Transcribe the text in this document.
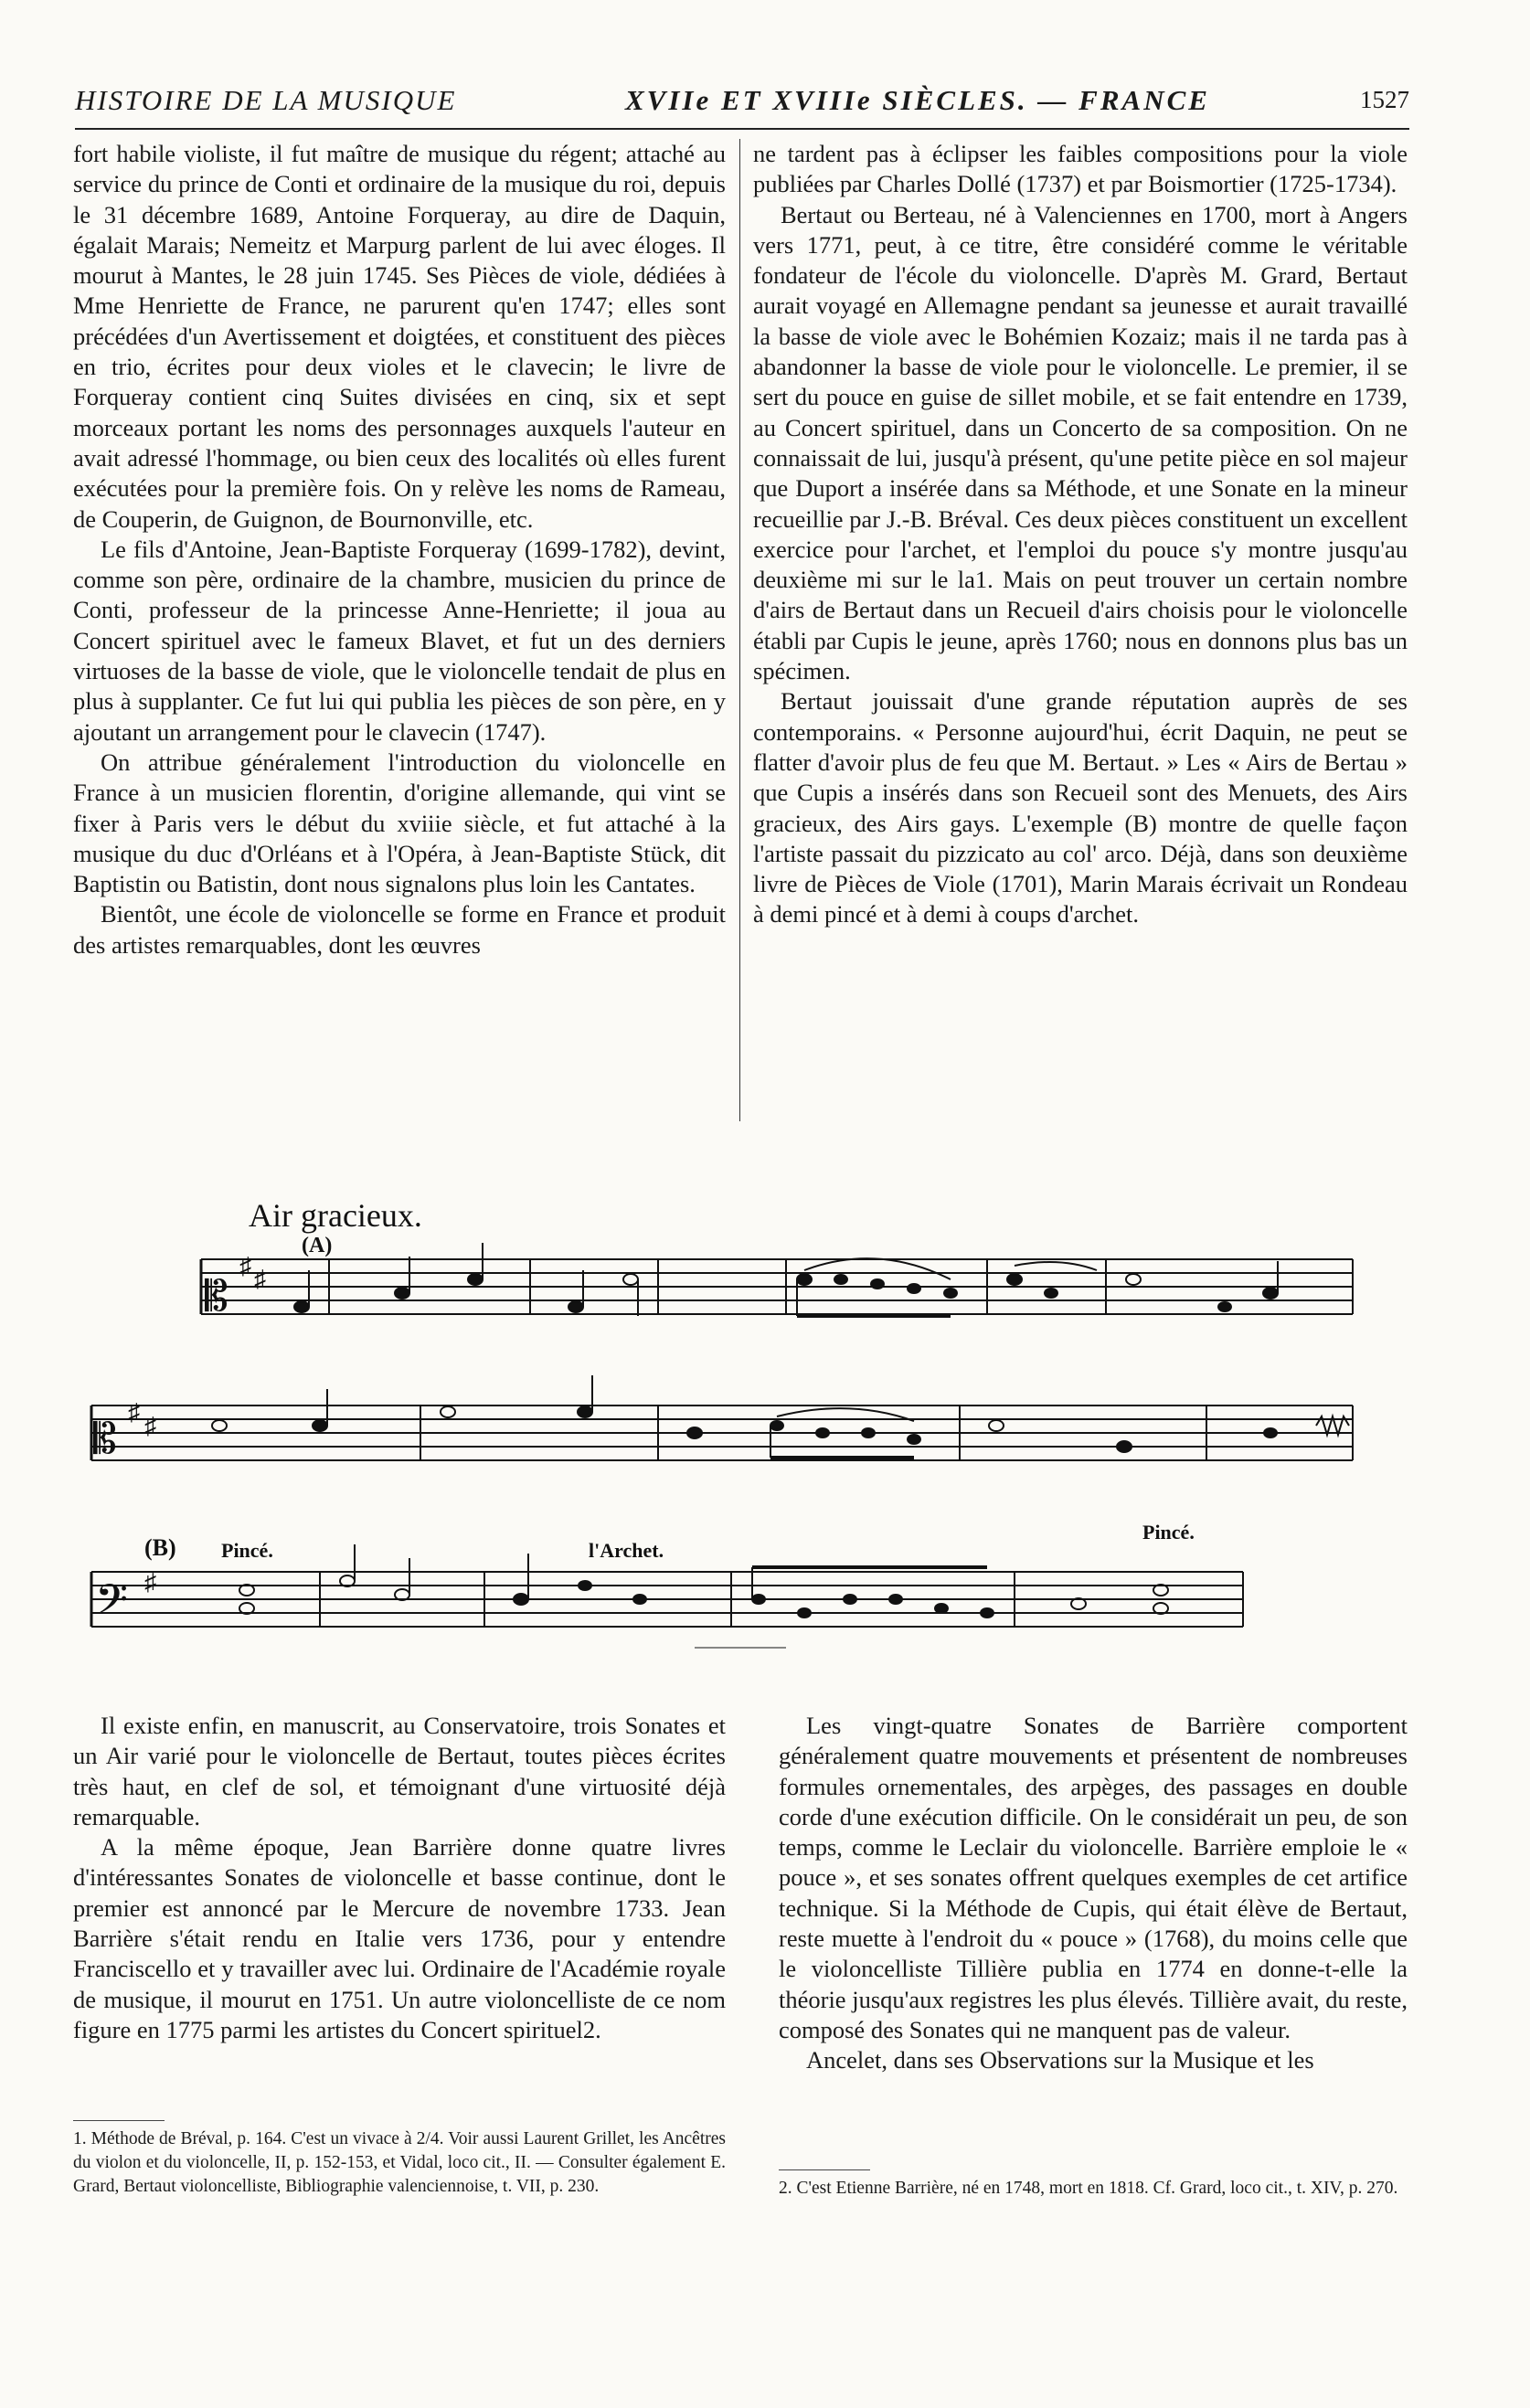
HISTOIRE DE LA MUSIQUE	XVIIe ET XVIIIe SIÈCLES. — FRANCE	1527

fort habile violiste, il fut maître de musique du régent; attaché au service du prince de Conti et ordinaire de la musique du roi, depuis le 31 décembre 1689, Antoine Forqueray, au dire de Daquin, égalait Marais; Nemeitz et Marpurg parlent de lui avec éloges. Il mourut à Mantes, le 28 juin 1745. Ses Pièces de viole, dédiées à Mme Henriette de France, ne parurent qu'en 1747; elles sont précédées d'un Avertissement et doigtées, et constituent des pièces en trio, écrites pour deux violes et le clavecin; le livre de Forqueray contient cinq Suites divisées en cinq, six et sept morceaux portant les noms des personnages auxquels l'auteur en avait adressé l'hommage, ou bien ceux des localités où elles furent exécutées pour la première fois. On y relève les noms de Rameau, de Couperin, de Guignon, de Bournonville, etc.

Le fils d'Antoine, Jean-Baptiste Forqueray (1699-1782), devint, comme son père, ordinaire de la chambre, musicien du prince de Conti, professeur de la princesse Anne-Henriette; il joua au Concert spirituel avec le fameux Blavet, et fut un des derniers virtuoses de la basse de viole, que le violoncelle tendait de plus en plus à supplanter. Ce fut lui qui publia les pièces de son père, en y ajoutant un arrangement pour le clavecin (1747).

On attribue généralement l'introduction du violoncelle en France à un musicien florentin, d'origine allemande, qui vint se fixer à Paris vers le début du xviiie siècle, et fut attaché à la musique du duc d'Orléans et à l'Opéra, à Jean-Baptiste Stück, dit Baptistin ou Batistin, dont nous signalons plus loin les Cantates.

Bientôt, une école de violoncelle se forme en France et produit des artistes remarquables, dont les œuvres

ne tardent pas à éclipser les faibles compositions pour la viole publiées par Charles Dollé (1737) et par Boismortier (1725-1734).

Bertaut ou Berteau, né à Valenciennes en 1700, mort à Angers vers 1771, peut, à ce titre, être considéré comme le véritable fondateur de l'école du violoncelle. D'après M. Grard, Bertaut aurait voyagé en Allemagne pendant sa jeunesse et aurait travaillé la basse de viole avec le Bohémien Kozaiz; mais il ne tarda pas à abandonner la basse de viole pour le violoncelle. Le premier, il se sert du pouce en guise de sillet mobile, et se fait entendre en 1739, au Concert spirituel, dans un Concerto de sa composition. On ne connaissait de lui, jusqu'à présent, qu'une petite pièce en sol majeur que Duport a insérée dans sa Méthode, et une Sonate en la mineur recueillie par J.-B. Bréval. Ces deux pièces constituent un excellent exercice pour l'archet, et l'emploi du pouce s'y montre jusqu'au deuxième mi sur le la1. Mais on peut trouver un certain nombre d'airs de Bertaut dans un Recueil d'airs choisis pour le violoncelle établi par Cupis le jeune, après 1760; nous en donnons plus bas un spécimen.

Bertaut jouissait d'une grande réputation auprès de ses contemporains. « Personne aujourd'hui, écrit Daquin, ne peut se flatter d'avoir plus de feu que M. Bertaut. » Les « Airs de Bertau » que Cupis a insérés dans son Recueil sont des Menuets, des Airs gracieux, des Airs gays. L'exemple (B) montre de quelle façon l'artiste passait du pizzicato au col' arco. Déjà, dans son deuxième livre de Pièces de Viole (1701), Marin Marais écrivait un Rondeau à demi pincé et à demi à coups d'archet.

𝄡
𝄡
𝄢
♯ ♯
♯
♯
♯
Air gracieux.
(A)
(B) Pincé.	l'Archet.
Pincé.

Il existe enfin, en manuscrit, au Conservatoire, trois Sonates et un Air varié pour le violoncelle de Bertaut, toutes pièces écrites très haut, en clef de sol, et témoignant d'une virtuosité déjà remarquable.

A la même époque, Jean Barrière donne quatre livres d'intéressantes Sonates de violoncelle et basse continue, dont le premier est annoncé par le Mercure de novembre 1733. Jean Barrière s'était rendu en Italie vers 1736, pour y entendre Franciscello et y travailler avec lui. Ordinaire de l'Académie royale de musique, il mourut en 1751. Un autre violoncelliste de ce nom figure en 1775 parmi les artistes du Concert spirituel2.

Les vingt-quatre Sonates de Barrière comportent généralement quatre mouvements et présentent de nombreuses formules ornementales, des arpèges, des passages en double corde d'une exécution difficile. On le considérait un peu, de son temps, comme le Leclair du violoncelle. Barrière emploie le « pouce », et ses sonates offrent quelques exemples de cet artifice technique. Si la Méthode de Cupis, qui était élève de Bertaut, reste muette à l'endroit du « pouce » (1768), du moins celle que le violoncelliste Tillière publia en 1774 en donne-t-elle la théorie jusqu'aux registres les plus élevés. Tillière avait, du reste, composé des Sonates qui ne manquent pas de valeur.

Ancelet, dans ses Observations sur la Musique et les

1. Méthode de Bréval, p. 164. C'est un vivace à 2/4. Voir aussi Laurent Grillet, les Ancêtres du violon et du violoncelle, II, p. 152-153, et Vidal, loco cit., II. — Consulter également E. Grard, Bertaut violoncelliste, Bibliographie valenciennoise, t. VII, p. 230.	2. C'est Etienne Barrière, né en 1748, mort en 1818. Cf. Grard, loco cit., t. XIV, p. 270.
